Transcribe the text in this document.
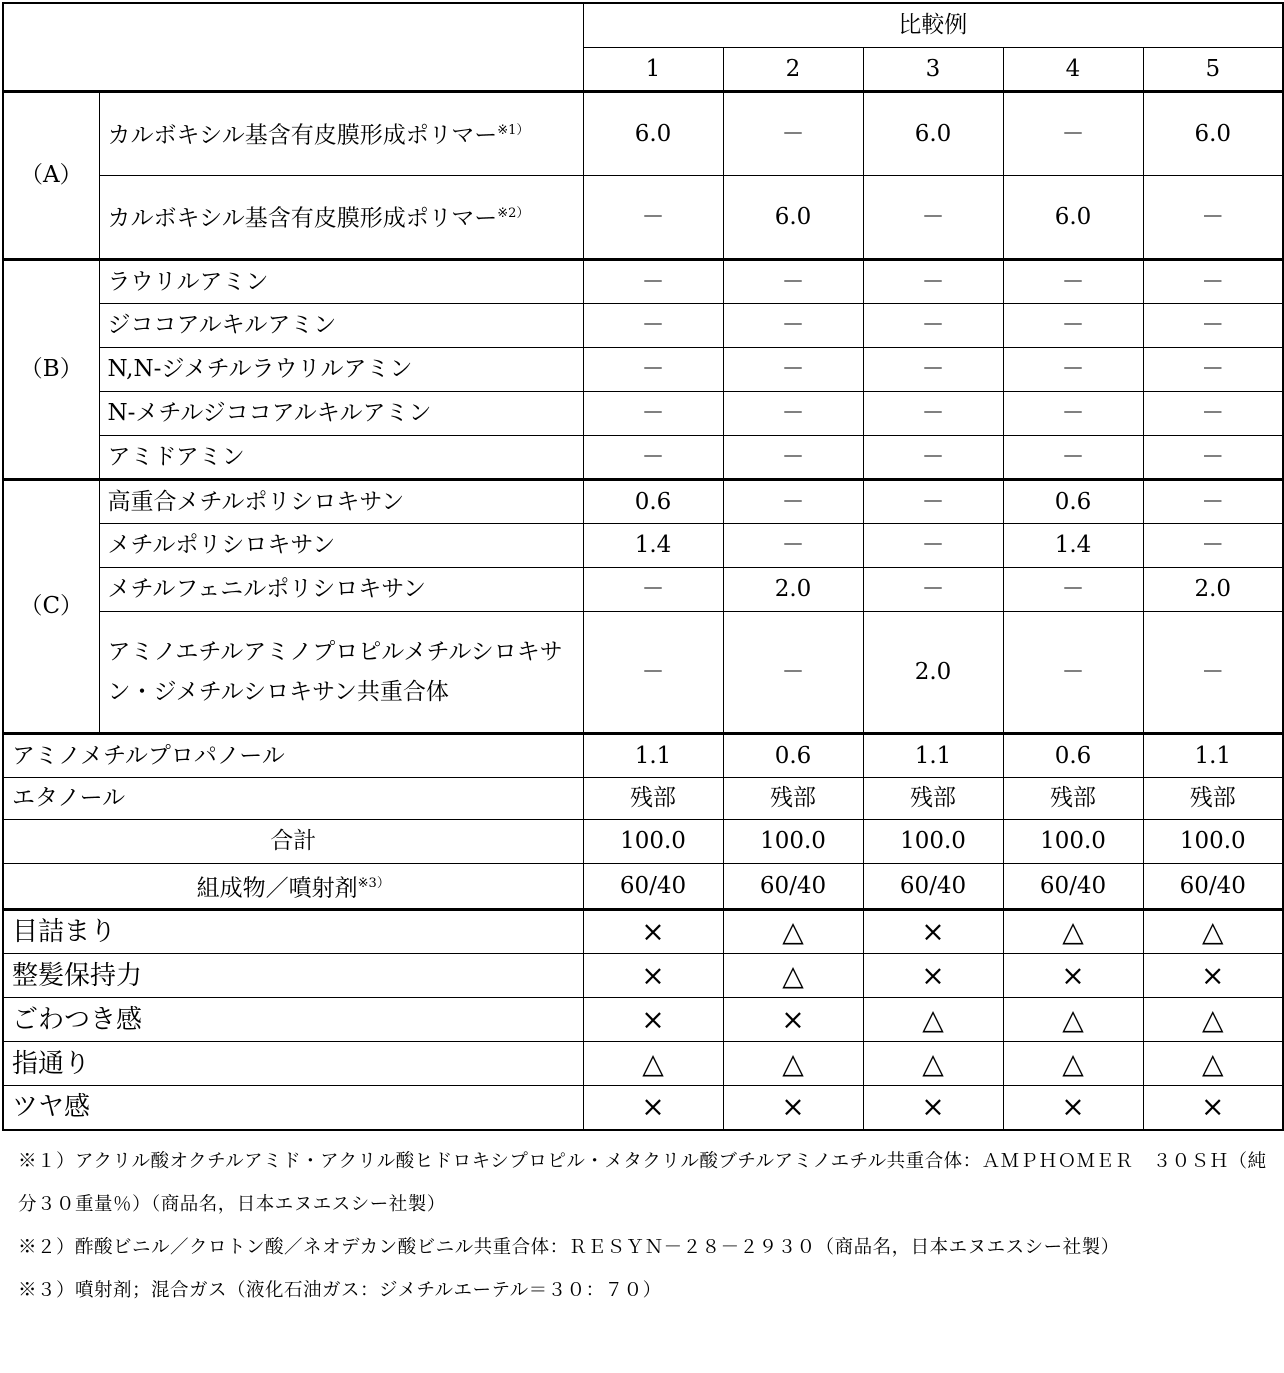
	比較例
1	2	3	4	5
（A）	カルボキシル基含有皮膜形成ポリマー※1）	6.0	－	6.0	－	6.0
カルボキシル基含有皮膜形成ポリマー※2）	－	6.0	－	6.0	－
（B）	ラウリルアミン	－	－	－	－	－
ジココアルキルアミン	－	－	－	－	－
N,N-ジメチルラウリルアミン	－	－	－	－	－
N-メチルジココアルキルアミン	－	－	－	－	－
アミドアミン	－	－	－	－	－
（C）	高重合メチルポリシロキサン	0.6	－	－	0.6	－
メチルポリシロキサン	1.4	－	－	1.4	－
メチルフェニルポリシロキサン	－	2.0	－	－	2.0
アミノエチルアミノプロピルメチルシロキサン・ジメチルシロキサン共重合体	－	－	2.0	－	－
アミノメチルプロパノール	1.1	0.6	1.1	0.6	1.1
エタノール	残部	残部	残部	残部	残部
合計	100.0	100.0	100.0	100.0	100.0
組成物／噴射剤※3）	60/40	60/40	60/40	60/40	60/40
目詰まり	×	△	×	△	△
整髪保持力	×	△	×	×	×
ごわつき感	×	×	△	△	△
指通り	△	△	△	△	△
ツヤ感	×	×	×	×	×
※１）アクリル酸オクチルアミド・アクリル酸ヒドロキシプロピル・メタクリル酸ブチルアミノエチル共重合体：ＡＭＰＨＯＭＥＲ　３０ＳＨ（純分３０重量％）（商品名，日本エヌエスシー社製）
※２）酢酸ビニル／クロトン酸／ネオデカン酸ビニル共重合体：ＲＥＳＹＮ－２８－２９３０（商品名，日本エヌエスシー社製）
※３）噴射剤；混合ガス（液化石油ガス：ジメチルエーテル＝３０：７０）
